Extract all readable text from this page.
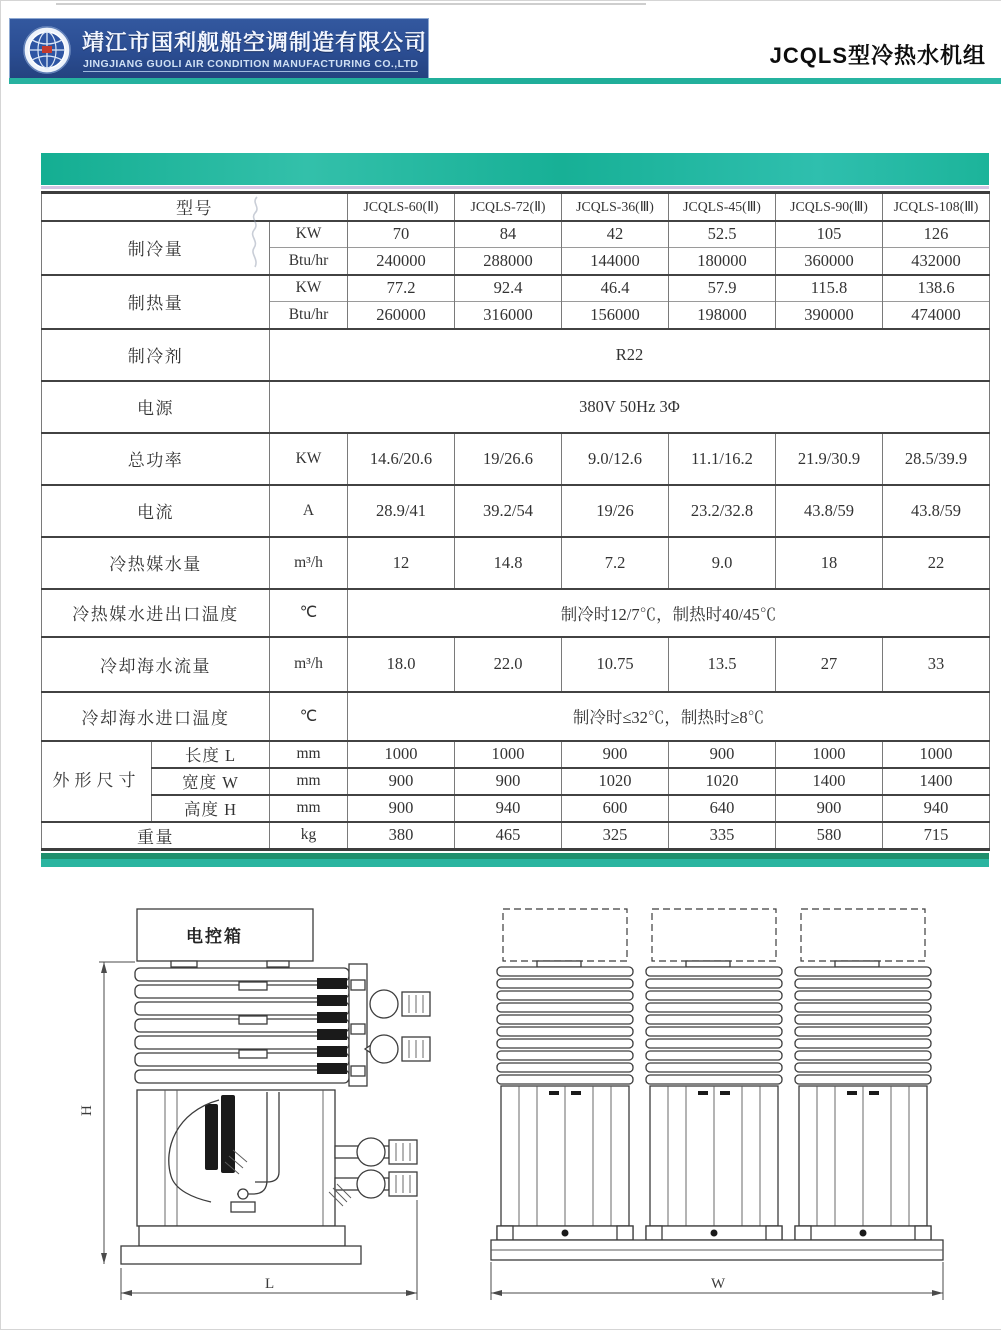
靖江市国利舰船空调制造有限公司
JINGJIANG GUOLI AIR CONDITION MANUFACTURING CO.,LTD	JCQLS型冷热水机组
型号			JCQLS-60(Ⅱ)	JCQLS-72(Ⅱ)	JCQLS-36(Ⅲ)	JCQLS-45(Ⅲ)	JCQLS-90(Ⅲ)	JCQLS-108(Ⅲ)
制冷量		KW	70	84	42	52.5	105	126
		Btu/hr	240000	288000	144000	180000	360000	432000
制热量		KW	77.2	92.4	46.4	57.9	115.8	138.6
		Btu/hr	260000	316000	156000	198000	390000	474000
制冷剂		R22						
电源		380V 50Hz 3Φ						
总功率		KW	14.6/20.6	19/26.6	9.0/12.6	11.1/16.2	21.9/30.9	28.5/39.9
电流		A	28.9/41	39.2/54	19/26	23.2/32.8	43.8/59	43.8/59
冷热媒水量		m³/h	12	14.8	7.2	9.0	18	22
冷热媒水进出口温度		℃	制冷时12/7℃，制热时40/45℃					
冷却海水流量		m³/h	18.0	22.0	10.75	13.5	27	33
冷却海水进口温度		℃	制冷时≤32℃，制热时≥8℃					
外形尺寸	长度 L	mm	1000	1000	900	900	1000	1000
	宽度 W	mm	900	900	1020	1020	1400	1400
	高度 H	mm	900	940	600	640	900	940
重量		kg	380	465	325	335	580	715
电控箱
H
L	W
